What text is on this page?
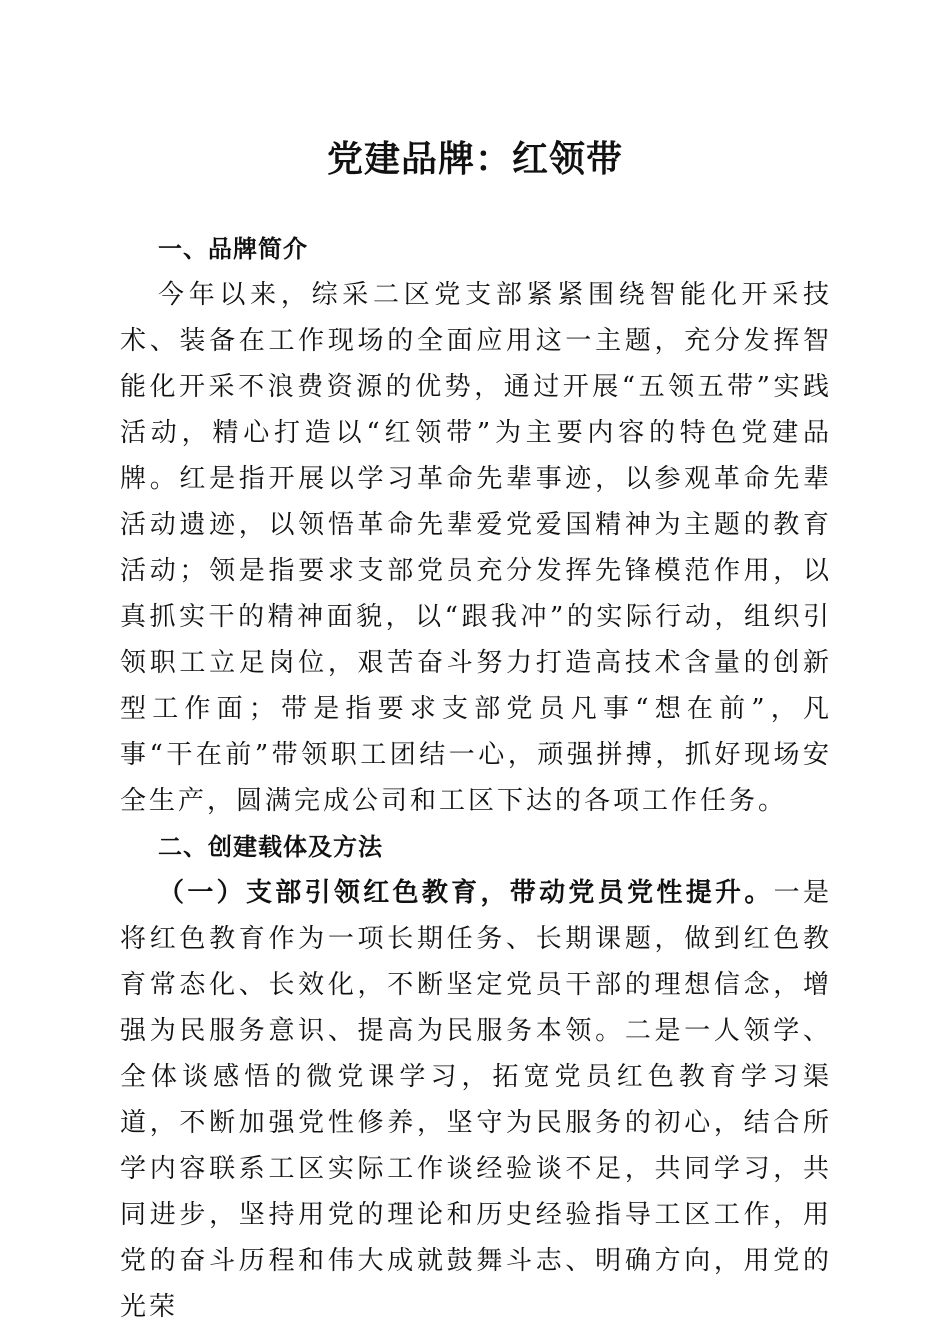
党建品牌：红领带

一、品牌简介

今年以来，综采二区党支部紧紧围绕智能化开采技术、装备在工作现场的全面应用这一主题，充分发挥智能化开采不浪费资源的优势，通过开展“五领五带”实践活动，精心打造以“红领带”为主要内容的特色党建品牌。红是指开展以学习革命先辈事迹，以参观革命先辈活动遗迹，以领悟革命先辈爱党爱国精神为主题的教育活动；领是指要求支部党员充分发挥先锋模范作用，以真抓实干的精神面貌，以“跟我冲”的实际行动，组织引领职工立足岗位，艰苦奋斗努力打造高技术含量的创新型工作面；带是指要求支部党员凡事“想在前”，凡事“干在前”带领职工团结一心，顽强拼搏，抓好现场安全生产，圆满完成公司和工区下达的各项工作任务。

二、创建载体及方法

（一）支部引领红色教育，带动党员党性提升。一是将红色教育作为一项长期任务、长期课题，做到红色教育常态化、长效化，不断坚定党员干部的理想信念，增强为民服务意识、提高为民服务本领。二是一人领学、全体谈感悟的微党课学习，拓宽党员红色教育学习渠道，不断加强党性修养，坚守为民服务的初心，结合所学内容联系工区实际工作谈经验谈不足，共同学习，共同进步，坚持用党的理论和历史经验指导工区工作，用党的奋斗历程和伟大成就鼓舞斗志、明确方向，用党的光荣
